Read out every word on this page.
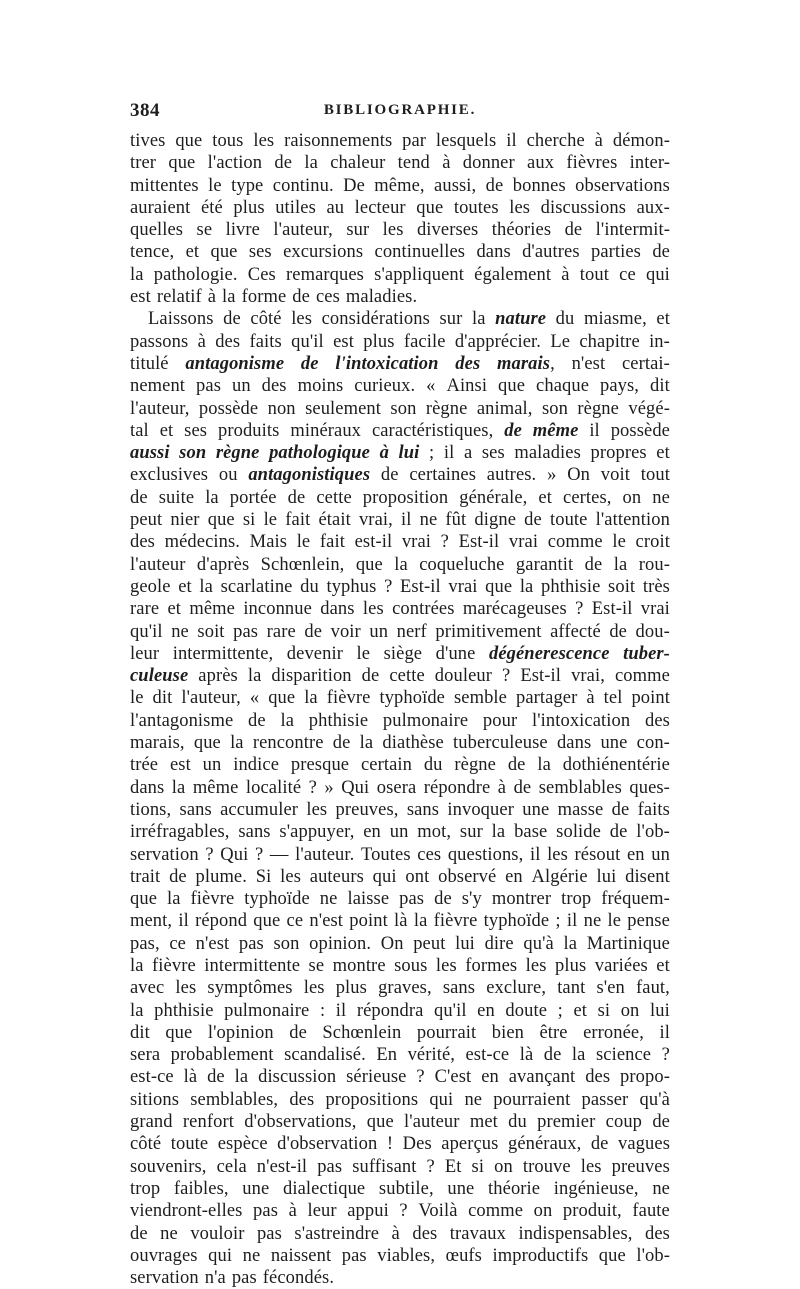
384	BIBLIOGRAPHIE.
tives que tous les raisonnements par lesquels il cherche à démon-
trer que l'action de la chaleur tend à donner aux fièvres inter-
mittentes le type continu. De même, aussi, de bonnes observations
auraient été plus utiles au lecteur que toutes les discussions aux-
quelles se livre l'auteur, sur les diverses théories de l'intermit-
tence, et que ses excursions continuelles dans d'autres parties de
la pathologie. Ces remarques s'appliquent également à tout ce qui
est relatif à la forme de ces maladies.
Laissons de côté les considérations sur la nature du miasme, et
passons à des faits qu'il est plus facile d'apprécier. Le chapitre in-
titulé antagonisme de l'intoxication des marais, n'est certai-
nement pas un des moins curieux. « Ainsi que chaque pays, dit
l'auteur, possède non seulement son règne animal, son règne végé-
tal et ses produits minéraux caractéristiques, de même il possède
aussi son règne pathologique à lui ; il a ses maladies propres et
exclusives ou antagonistiques de certaines autres. » On voit tout
de suite la portée de cette proposition générale, et certes, on ne
peut nier que si le fait était vrai, il ne fût digne de toute l'attention
des médecins. Mais le fait est-il vrai ? Est-il vrai comme le croit
l'auteur d'après Schœnlein, que la coqueluche garantit de la rou-
geole et la scarlatine du typhus ? Est-il vrai que la phthisie soit très
rare et même inconnue dans les contrées marécageuses ? Est-il vrai
qu'il ne soit pas rare de voir un nerf primitivement affecté de dou-
leur intermittente, devenir le siège d'une dégénerescence tuber-
culeuse après la disparition de cette douleur ? Est-il vrai, comme
le dit l'auteur, « que la fièvre typhoïde semble partager à tel point
l'antagonisme de la phthisie pulmonaire pour l'intoxication des
marais, que la rencontre de la diathèse tuberculeuse dans une con-
trée est un indice presque certain du règne de la dothiénentérie
dans la même localité ? » Qui osera répondre à de semblables ques-
tions, sans accumuler les preuves, sans invoquer une masse de faits
irréfragables, sans s'appuyer, en un mot, sur la base solide de l'ob-
servation ? Qui ? — l'auteur. Toutes ces questions, il les résout en un
trait de plume. Si les auteurs qui ont observé en Algérie lui disent
que la fièvre typhoïde ne laisse pas de s'y montrer trop fréquem-
ment, il répond que ce n'est point là la fièvre typhoïde ; il ne le pense
pas, ce n'est pas son opinion. On peut lui dire qu'à la Martinique
la fièvre intermittente se montre sous les formes les plus variées et
avec les symptômes les plus graves, sans exclure, tant s'en faut,
la phthisie pulmonaire : il répondra qu'il en doute ; et si on lui
dit que l'opinion de Schœnlein pourrait bien être erronée, il
sera probablement scandalisé. En vérité, est-ce là de la science ?
est-ce là de la discussion sérieuse ? C'est en avançant des propo-
sitions semblables, des propositions qui ne pourraient passer qu'à
grand renfort d'observations, que l'auteur met du premier coup de
côté toute espèce d'observation ! Des aperçus généraux, de vagues
souvenirs, cela n'est-il pas suffisant ? Et si on trouve les preuves
trop faibles, une dialectique subtile, une théorie ingénieuse, ne
viendront-elles pas à leur appui ? Voilà comme on produit, faute
de ne vouloir pas s'astreindre à des travaux indispensables, des
ouvrages qui ne naissent pas viables, œufs improductifs que l'ob-
servation n'a pas fécondés.
